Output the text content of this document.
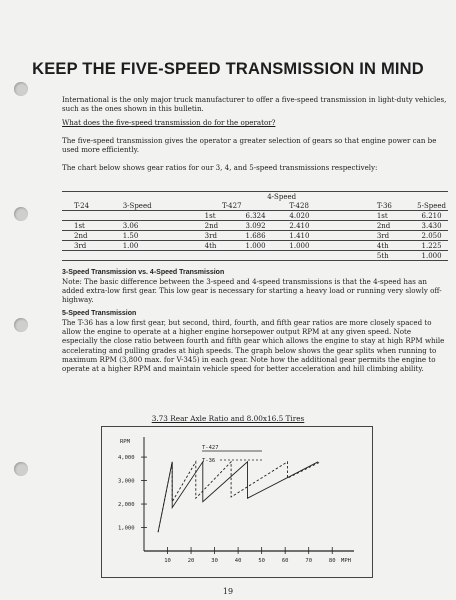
KEEP THE FIVE-SPEED TRANSMISSION IN MIND
International is the only major truck manufacturer to offer a five-speed transmission in light-duty vehicles, such as the ones shown in this bulletin.
What does the five-speed transmission do for the operator?
The five-speed transmission gives the operator a greater selection of gears so that engine power can be used more efficiently.
The chart below shows gear ratios for our 3, 4, and 5-speed transmissions respectively:
			4-Speed					
T-24	3-Speed		T-427		T-428		T-36	5-Speed
			1st	6.324	4.020		1st	6.210
1st	3.06		2nd	3.092	2.410		2nd	3.430
2nd	1.50		3rd	1.686	1.410		3rd	2.050
3rd	1.00		4th	1.000	1.000		4th	1.225
							5th	1.000
3-Speed Transmission vs. 4-Speed Transmission
Note: The basic difference between the 3-speed and 4-speed transmissions is that the 4-speed has an added extra-low first gear. This low gear is necessary for starting a heavy load or running very slowly off-highway.
5-Speed Transmission
The T-36 has a low first gear, but second, third, fourth, and fifth gear ratios are more closely spaced to allow the engine to operate at a higher engine horsepower output RPM at any given speed. Note especially the close ratio between fourth and fifth gear which allows the engine to stay at high RPM while accelerating and pulling grades at high speeds. The graph below shows the gear splits when running to maximum RPM (3,800 max. for V-345) in each gear. Note how the additional gear permits the engine to operate at a higher RPM and maintain vehicle speed for better acceleration and hill climbing ability.
3.73 Rear Axle Ratio and 8.00x16.5 Tires
RPM
1,000
2,000
3,000
4,000
10	20	30	40	50	60	70	80 MPH
T-427
T-36
19
